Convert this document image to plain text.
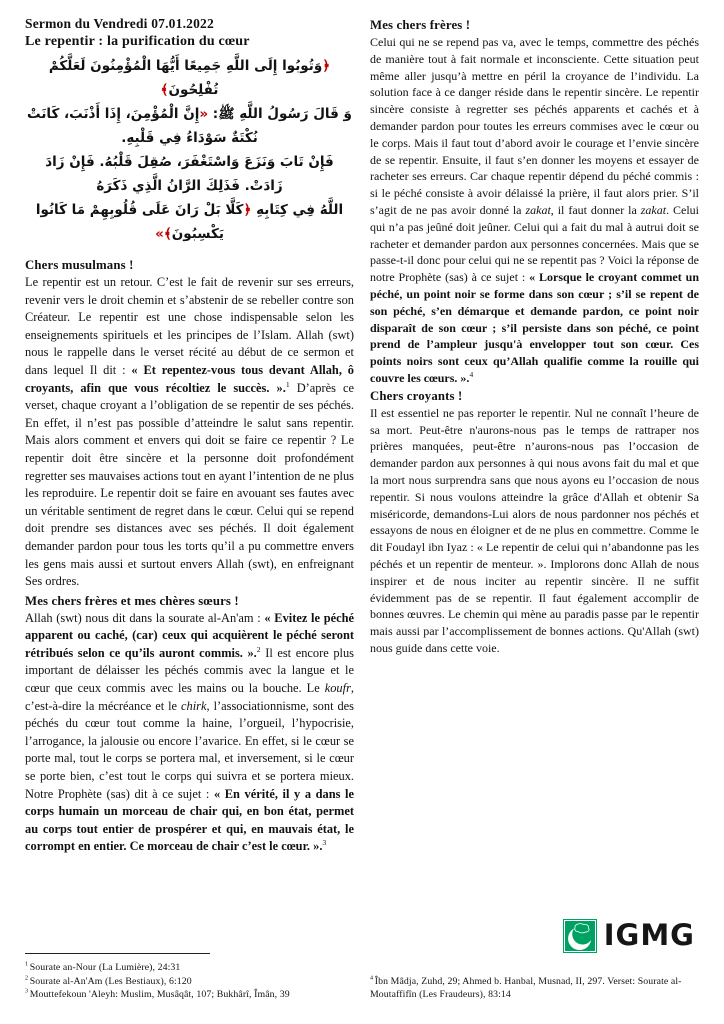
Sermon du Vendredi 07.01.2022
Le repentir : la purification du cœur
﴿وَتُوبُوا إِلَى اللَّهِ جَمِيعًا أَيُّهَا الْمُؤْمِنُونَ لَعَلَّكُمْ تُفْلِحُونَ﴾
وَ قَالَ رَسُولُ اللَّهِ ﷺ: «إِنَّ الْمُؤْمِنَ، إِذَا أَذْنَبَ، كَانَتْ نُكْتَةٌ سَوْدَاءُ فِي قَلْبِهِ.
فَإِنْ تَابَ وَنَزَعَ وَاسْتَغْفَرَ، صُقِلَ قَلْبُهُ. فَإِنْ زَادَ زَادَتْ. فَذَلِكَ الرَّانُ الَّذِي ذَكَرَهُ
اللَّهُ فِي كِتَابِهِ ﴿كَلَّا بَلْ رَانَ عَلَى قُلُوبِهِمْ مَا كَانُوا يَكْسِبُونَ﴾»
Chers musulmans !

Le repentir est un retour. C’est le fait de revenir sur ses erreurs, revenir vers le droit chemin et s’abstenir de se rebeller contre son Créateur. Le repentir est une chose indispensable selon les enseignements spirituels et les principes de l’Islam. Allah (swt) nous le rappelle dans le verset récité au début de ce sermon et dans lequel Il dit : « Et repentez-vous tous devant Allah, ô croyants, afin que vous récoltiez le succès. ».$^1$ D’après ce verset, chaque croyant a l’obligation de se repentir de ses péchés. En effet, il n’est pas possible d’atteindre le salut sans repentir. Mais alors comment et envers qui doit se faire ce repentir ? Le repentir doit être sincère et la personne doit profondément regretter ses mauvaises actions tout en ayant l’intention de ne plus les reproduire. Le repentir doit se faire en avouant ses fautes avec un véritable sentiment de regret dans le cœur. Celui qui se repend doit prendre ses distances avec ses péchés. Il doit également demander pardon pour tous les torts qu’il a pu commettre envers les gens mais aussi et surtout envers Allah (swt), en enfreignant Ses ordres.

Mes chers frères et mes chères sœurs !

Allah (swt) nous dit dans la sourate al-An'am : « Evitez le péché apparent ou caché, (car) ceux qui acquièrent le péché seront rétribués selon ce qu’ils auront commis. ».$^2$ Il est encore plus important de délaisser les péchés commis avec la langue et le cœur que ceux commis avec les mains ou la bouche. Le koufr, c’est-à-dire la mécréance et le chirk, l’associationnisme, sont des péchés du cœur tout comme la haine, l’orgueil, l’hypocrisie, l’arrogance, la jalousie ou encore l’avarice. En effet, si le cœur se porte mal, tout le corps se portera mal, et inversement, si le cœur se porte bien, c’est tout le corps qui suivra et se portera mieux. Notre Prophète (sas) dit à ce sujet : « En vérité, il y a dans le corps humain un morceau de chair qui, en bon état, permet au corps tout entier de prospérer et qui, en mauvais état, le corrompt en entier. Ce morceau de chair c’est le cœur. ».$^3$

$^1$ Sourate an-Nour (La Lumière), 24:31
$^2$ Sourate al-An'Am (Les Bestiaux), 6:120
$^3$ Mouttefekoun 'Aleyh: Muslim, Musâqât, 107; Bukhârî, Îmân, 39
Mes chers frères !

Celui qui ne se repend pas va, avec le temps, commettre des péchés de manière tout à fait normale et inconsciente. Cette situation peut même aller jusqu’à mettre en péril la croyance de l’individu. La solution face à ce danger réside dans le repentir sincère. Le repentir sincère consiste à regretter ses péchés apparents et cachés et à demander pardon pour toutes les erreurs commises avec le cœur ou le corps. Mais il faut tout d’abord avoir le courage et l’envie sincère de se repentir. Ensuite, il faut s’en donner les moyens et essayer de racheter ses erreurs. Car chaque repentir dépend du péché commis : si le péché consiste à avoir délaissé la prière, il faut alors prier. S’il s’agit de ne pas avoir donné la zakat, il faut donner la zakat. Celui qui n’a pas jeûné doit jeûner. Celui qui a fait du mal à autrui doit se racheter et demander pardon aux personnes concernées. Mais que se passe-t-il donc pour celui qui ne se repentit pas ? Voici la réponse de notre Prophète (sas) à ce sujet : « Lorsque le croyant commet un péché, un point noir se forme dans son cœur ; s’il se repent de son péché, s’en démarque et demande pardon, ce point noir disparaît de son cœur ; s’il persiste dans son péché, ce point prend de l’ampleur jusqu'à envelopper tout son cœur. Ces points noirs sont ceux qu’Allah qualifie comme la rouille qui couvre les cœurs. ».$^4$

Chers croyants !

Il est essentiel ne pas reporter le repentir. Nul ne connaît l’heure de sa mort. Peut-être n'aurons-nous pas le temps de rattraper nos prières manquées, peut-être n’aurons-nous pas l’occasion de demander pardon aux personnes à qui nous avons fait du mal et que la mort nous surprendra sans que nous ayons eu l’occasion de nous repentir. Si nous voulons atteindre la grâce d'Allah et obtenir Sa miséricorde, demandons-Lui alors de nous pardonner nos péchés et essayons de nous en éloigner et de ne plus en commettre. Comme le dit Foudayl ibn Iyaz : « Le repentir de celui qui n’abandonne pas les péchés et un repentir de menteur. ». Implorons donc Allah de nous inspirer et de nous inciter au repentir sincère. Il ne suffit évidemment pas de se repentir. Il faut également accomplir de bonnes œuvres. Le chemin qui mène au paradis passe par le repentir mais aussi par l’accomplissement de bonnes actions. Qu'Allah (swt) nous guide dans cette voie.

IGMG
$^4$ Îbn Mâdja, Zuhd, 29; Ahmed b. Hanbal, Musnad, II, 297. Verset: Sourate al-Moutaffifîn (Les Fraudeurs), 83:14
